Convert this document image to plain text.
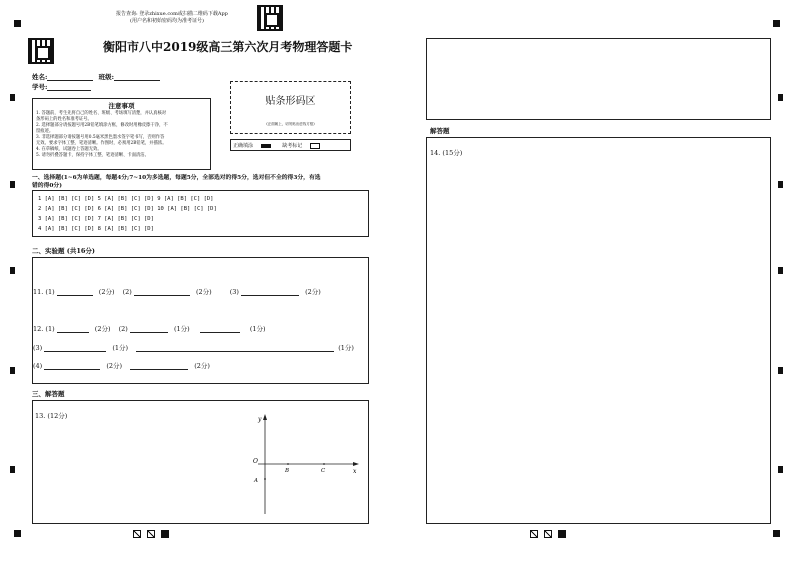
报告查询: 登录zhixue.com或扫描二维码下载App
(用户名和初始密码均为准考证号)
衡阳市八中2019级高三第六次月考物理答题卡
姓名:	班级:
学号:
注意事项
1. 答题前，考生先将自己的姓名、班级、考场填写清楚，并认真核对
条形码上的姓名和准考证号。
2. 选择题部分请按题号用2B铅笔填涂方框，修改时用橡皮擦干净，不
留痕迹。
3. 非选择题部分请按题号用0.5毫米黑色墨水签字笔书写，否则作答
无效。要求字体工整、笔迹清晰。作图时，必须用2B铅笔，并描浓。
4. 在草稿纸、试题卷上答题无效。
5. 请勿折叠答题卡，保持字体工整、笔迹清晰、卡面清洁。
贴条形码区
(正面朝上，切勿贴出虚线方框)
正确填涂	缺考标记
一、选择题(1~6为单选题，每题4分;7~10为多选题，每题5分，全部选对的得5分，选对但不全的得3分，有选
错的得0分)
1 [A] [B] [C] [D] 5 [A] [B] [C] [D] 9 [A] [B] [C] [D]
2 [A] [B] [C] [D] 6 [A] [B] [C] [D] 10 [A] [B] [C] [D]
3 [A] [B] [C] [D] 7 [A] [B] [C] [D]
4 [A] [B] [C] [D] 8 [A] [B] [C] [D]
二、实验题 (共16分)
11. (1)	(2分) (2)	(2分)	(3)	(2分)
12. (1)	(2分) (2)	(1分)	(1分)
(3)	(1分)	(1分)
(4)	(2分)	(2分)
三、解答题
13. (12分)	y
x
O
B	C
A
解答题
14. (15分)
